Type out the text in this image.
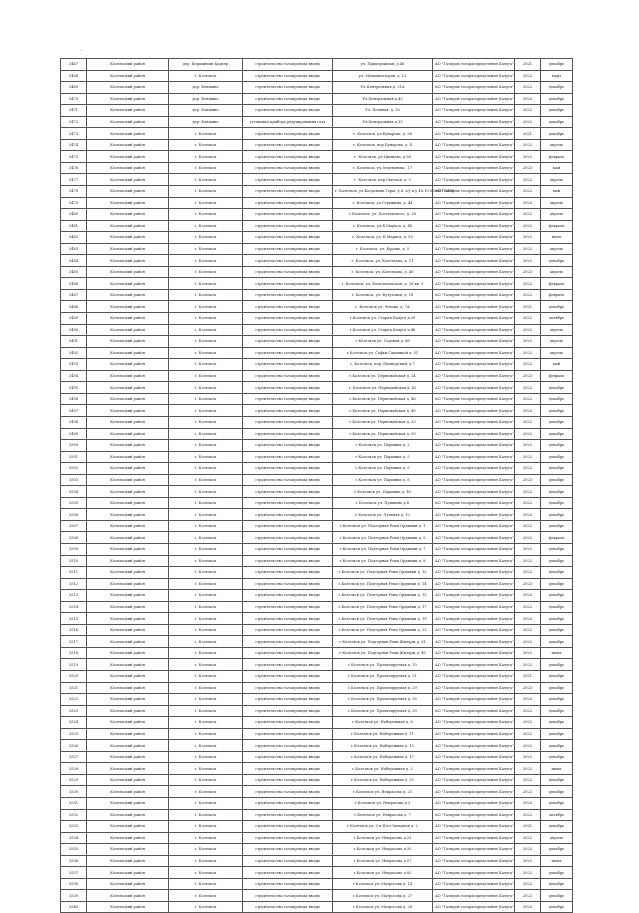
·
3467	Козельский район	дер. Керамичин Карьер	строительство газопровода вводы	ул. Придорожная, д.48	АО "Газпром газораспределение Калуга"	2021	декабрь
3468	Козельский район	г. Козельск	строительство газопровода вводы	ул. Механизаторов, д. 12	АО "Газпром газораспределение Калуга"	2022	март
3469	Козельский район	дер. Клюкино	строительство газопровода вводы	Ул.Центральная,д. 31А	АО "Газпром газораспределение Калуга"	2022	декабрь
3470	Козельский район	дер. Клюкино	строительство газопровода вводы	Ул.Центральная,д.42	АО "Газпром газораспределение Калуга"	2022	декабрь
3471	Козельский район	дер. Клюкино	строительство газопровода вводы	Ул. Полевая, д. 35	АО "Газпром газораспределение Калуга"	2022	декабрь
3472	Козельский район	дер. Клюкино	установка прибора редуцирования газа	Ул.Центральная,д.35	АО "Газпром газораспределение Калуга"	2022	декабрь
3473	Козельский район	г. Козельск	строительство газопровода вводы	г. Козельск, ул.Бунарова, д. 56	АО "Газпром газораспределение Калуга"	2021	декабрь
3474	Козельский район	г. Козельск	строительство газопровода вводы	г. Козельск, пер.Бунарова, д. 4	АО "Газпром газораспределение Калуга"	2022	апрель
3475	Козельский район	г. Козельск	строительство газопровода вводы	г. Козельск, ул.Цвещева, д.58	АО "Газпром газораспределение Калуга"	2022	февраль
3476	Козельский район	г. Козельск	строительство газопровода вводы	г. Козельск, ул.Зеделинова,, 17	АО "Газпром газораспределение Калуга"	2022	май
3477	Козельский район	г. Козельск	строительство газопровода вводы	г. Козельск, пер.Светлая, д. 3	АО "Газпром газораспределение Калуга"	2022	апрель
3478	Козельский район	г. Козельск	строительство газопровода вводы	г. Козельск, ул.Богданова Горы, д.8, з/у к.у 40:10:050801:0476	АО "Газпром газораспределение Калуга"	2022	май
3479	Козельский район	г. Козельск	строительство газопровода вводы	г. Козельск, ул.Стрыкина, д. 44	АО "Газпром газораспределение Калуга"	2022	апрель
3480	Козельский район	г. Козельск	строительство газопровода вводы	г.Козельск, ул. Достоевского, д. 28	АО "Газпром газораспределение Калуга"	2022	апрель
3481	Козельский район	г. Козельск	строительство газопровода вводы	г. Козельск, ул.К.Маркса, д. 48	АО "Газпром газораспределение Калуга"	2022	февраль
3482	Козельский район	г. Козельск	строительство газопровода вводы	г. Козельск, ул. К.Маркса, д. 56	АО "Газпром газораспределение Калуга"	2022	июль
3483	Козельский район	г. Козельск	строительство газопровода вводы	г. Козельск, ул. Курова, д. 5	АО "Газпром газораспределение Калуга"	2022	апрель
3484	Козельский район	г. Козельск	строительство газопровода вводы	г. Козельск, ул. Колоткова, д. 11	АО "Газпром газораспределение Калуга"	2022	декабрь
3485	Козельский район	г. Козельск	строительство газопровода вводы	г. Козельск, ул. Колоткова, д. 46	АО "Газпром газораспределение Калуга"	2022	апрель
3486	Козельский район	г. Козельск	строительство газопровода вводы	г. Козельск, ул. Комсомольская, д. 18 кв. 3	АО "Газпром газораспределение Калуга"	2022	февраль
3487	Козельский район	г. Козельск	строительство газопровода вводы	г. Козельск, ул. Кутузовая, д. 18	АО "Газпром газораспределение Калуга"	2022	февраль
3488	Козельский район	г. Козельск	строительство газопровода вводы	г. Козельск ул. Чехова, д. 7А	АО "Газпром газораспределение Калуга"	2021	декабрь
3489	Козельский район	г. Козельск	строительство газопровода вводы	г.Козельск ул. Старая Калуга д.29	АО "Газпром газораспределение Калуга"	2022	октябрь
3490	Козельский район	г. Козельск	строительство газопровода вводы	г.Козельск ул. Старая Калуга д.46	АО "Газпром газораспределение Калуга"	2022	апрель
3491	Козельский район	г. Козельск	строительство газопровода вводы	г.Козельск ул. Садовая д. 68	АО "Газпром газораспределение Калуга"	2022	апрель
3492	Козельский район	г. Козельск	строительство газопровода вводы	г.Козельск ул. Софьи Сашенкой д. 31	АО "Газпром газораспределение Калуга"	2022	апрель
3493	Козельский район	г. Козельск	строительство газопровода вводы	г. Козельск, пер. Пионерский, д.7	АО "Газпром газораспределение Калуга"	2022	май
3494	Козельский район	г. Козельск	строительство газопровода вводы	г.Козельск ул. Первомайская д. 24	АО "Газпром газораспределение Калуга"	2022	февраль
3495	Козельский район	г. Козельск	строительство газопровода вводы	г. Козельск ул. Первомайская д. 42	АО "Газпром газораспределение Калуга"	2022	декабрь
3496	Козельский район	г. Козельск	строительство газопровода вводы	г.Козельск ул. Первомайская д. 46	АО "Газпром газораспределение Калуга"	2022	декабрь
3497	Козельский район	г. Козельск	строительство газопровода вводы	г.Козельск ул. Первомайская д. 49	АО "Газпром газораспределение Калуга"	2022	декабрь
3498	Козельский район	г. Козельск	строительство газопровода вводы	г.Козельск ул. Первомайская д. 53	АО "Газпром газораспределение Калуга"	2022	декабрь
3499	Козельский район	г. Козельск	строительство газопровода вводы	г.Козельск ул. Первомайская д. 59	АО "Газпром газораспределение Калуга"	2022	декабрь
3500	Козельский район	г. Козельск	строительство газопровода вводы	г.Козельск ул. Паршина д. 2	АО "Газпром газораспределение Калуга"	2022	декабрь
3501	Козельский район	г. Козельск	строительство газопровода вводы	г.Козельск ул. Паршина д. 5	АО "Газпром газораспределение Калуга"	2022	декабрь
3502	Козельский район	г. Козельск	строительство газопровода вводы	г.Козельск ул. Паршина д. 5	АО "Газпром газораспределение Калуга"	2022	декабрь
3503	Козельский район	г. Козельск	строительство газопровода вводы	г.Козельск ул. Паршина д. 8	АО "Газпром газораспределение Калуга"	2022	декабрь
3504	Козельский район	г. Козельск	строительство газопровода вводы	г.Козельск ул. Паршина д. 16	АО "Газпром газораспределение Калуга"	2022	декабрь
3505	Козельский район	г. Козельск	строительство газопровода вводы	г.Козельск ул. Пушкина д.4	АО "Газпром газораспределение Калуга"	2022	декабрь
3506	Козельский район	г. Козельск	строительство газопровода вводы	г.Козельск ул. Лучевая д. 12	АО "Газпром газораспределение Калуга"	2022	декабрь
3507	Козельский район	г. Козельск	строительство газопровода вводы	г.Козельск ул. Подгорная Реки Ордынки д. 1	АО "Газпром газораспределение Калуга"	2022	декабрь
3508	Козельский район	г. Козельск	строительство газопровода вводы	г.Козельск ул. Подгорная Реки Ордынки д. 5	АО "Газпром газораспределение Калуга"	2022	февраль
3509	Козельский район	г. Козельск	строительство газопровода вводы	г.Козельск ул. Подгорная Реки Ордынки д. 7	АО "Газпром газораспределение Калуга"	2022	декабрь
3510	Козельский район	г. Козельск	строительство газопровода вводы	г.Козельск ул. Подгорная Реки Ордынки д. 8	АО "Газпром газораспределение Калуга"	2022	декабрь
3511	Козельский район	г. Козельск	строительство газопровода вводы	г.Козельск ул. Подгорная Реки Ордынки д. 12	АО "Газпром газораспределение Калуга"	2022	декабрь
3512	Козельский район	г. Козельск	строительство газопровода вводы	г.Козельск ул. Подгорная Реки Ордынки д. 14	АО "Газпром газораспределение Калуга"	2022	декабрь
3513	Козельский район	г. Козельск	строительство газопровода вводы	г.Козельск ул. Подгорная Реки Ордынки д. 15	АО "Газпром газораспределение Калуга"	2022	декабрь
3514	Козельский район	г. Козельск	строительство газопровода вводы	г.Козельск ул. Подгорная Реки Ордынки д. 17	АО "Газпром газораспределение Калуга"	2022	декабрь
3515	Козельский район	г. Козельск	строительство газопровода вводы	г.Козельск ул. Подгорная Реки Ордынки д. 19	АО "Газпром газораспределение Калуга"	2022	декабрь
3516	Козельский район	г. Козельск	строительство газопровода вводы	г.Козельск ул. Подгорная Реки Ордынки д. 22	АО "Газпром газораспределение Калуга"	2022	декабрь
3517	Козельский район	г. Козельск	строительство газопровода вводы	г.Козельск ул. Подгорная Реки Жиздры д. 31	АО "Газпром газораспределение Калуга"	2022	декабрь
3518	Козельский район	г. Козельск	строительство газопровода вводы	г.Козельск ул. Подгорная Реки Жиздры д. 40	АО "Газпром газораспределение Калуга"	2022	июнь
3519	Козельский район	г. Козельск	строительство газопровода вводы	г.Козельск ул. Проектируемая д. 10	АО "Газпром газораспределение Калуга"	2022	декабрь
3520	Козельский район	г. Козельск	строительство газопровода вводы	г.Козельск ул. Проектируемая д. 21	АО "Газпром газораспределение Калуга"	2021	декабрь
3521	Козельский район	г. Козельск	строительство газопровода вводы	г.Козельск ул. Проектируемая д. 29	АО "Газпром газораспределение Калуга"	2022	декабрь
3522	Козельский район	г. Козельск	строительство газопровода вводы	г.Козельск ул. Проектируемая д. 35	АО "Газпром газораспределение Калуга"	2022	декабрь
3523	Козельский район	г. Козельск	строительство газопровода вводы	г.Козельск ул. Проектируемая д. 39	АО "Газпром газораспределение Калуга"	2022	декабрь
3524	Козельский район	г. Козельск	строительство газопровода вводы	г.Козельск ул. Набережная д. 8	АО "Газпром газораспределение Калуга"	2022	декабрь
3525	Козельский район	г. Козельск	строительство газопровода вводы	г.Козельск ул. Набережная д. 11	АО "Газпром газораспределение Калуга"	2022	декабрь
3526	Козельский район	г. Козельск	строительство газопровода вводы	г.Козельск ул. Набережная д. 15	АО "Газпром газораспределение Калуга"	2022	декабрь
3527	Козельский район	г. Козельск	строительство газопровода вводы	г.Козельск ул. Набережная д. 17	АО "Газпром газораспределение Калуга"	2022	декабрь
3528	Козельский район	г. Козельск	строительство газопровода вводы	г.Козельск ул. Набережная д. 2	АО "Газпром газораспределение Калуга"	2022	июнь
3529	Козельский район	г. Козельск	строительство газопровода вводы	г.Козельск ул. Набережная д. 25	АО "Газпром газораспределение Калуга"	2022	декабрь
3530	Козельский район	г. Козельск	строительство газопровода вводы	г.Козельск ул. Некрасова д. 25	АО "Газпром газораспределение Калуга"	2022	декабрь
3531	Козельский район	г. Козельск	строительство газопровода вводы	г.Козельск ул. Некрасова д.3	АО "Газпром газораспределение Калуга"	2022	декабрь
3532	Козельский район	г. Козельск	строительство газопровода вводы	г.Козельск ул. Некрасова д. 7	АО "Газпром газораспределение Калуга"	2022	октябрь
3533	Козельский район	г. Козельск	строительство газопровода вводы	г.Козельск ул. 3-я Юго-Западная д. 2	АО "Газпром газораспределение Калуга"	2021	декабрь
3534	Козельский район	г. Козельск	строительство газопровода вводы	г.Козельск ул. Некрасова д.25	АО "Газпром газораспределение Калуга"	2022	апрель
3535	Козельский район	г. Козельск	строительство газопровода вводы	г.Козельск ул. Некрасова д.35	АО "Газпром газораспределение Калуга"	2022	декабрь
3536	Козельский район	г. Козельск	строительство газопровода вводы	г.Козельск ул. Некрасова д.57	АО "Газпром газораспределение Калуга"	2022	июнь
3537	Козельский район	г. Козельск	строительство газопровода вводы	г.Козельск ул. Некрасова д.83	АО "Газпром газораспределение Калуга"	2022	декабрь
3538	Козельский район	г. Козельск	строительство газопровода вводы	г.Козельск ул. Матросова д. 14	АО "Газпром газораспределение Калуга"	2022	декабрь
3539	Козельский район	г. Козельск	строительство газопровода вводы	г.Козельск ул. Матросова д. 27	АО "Газпром газораспределение Калуга"	2022	декабрь
3540	Козельский район	г. Козельск	строительство газопровода вводы	г.Козельск ул. Матросова д. 28	АО "Газпром газораспределение Калуга"	2022	декабрь
